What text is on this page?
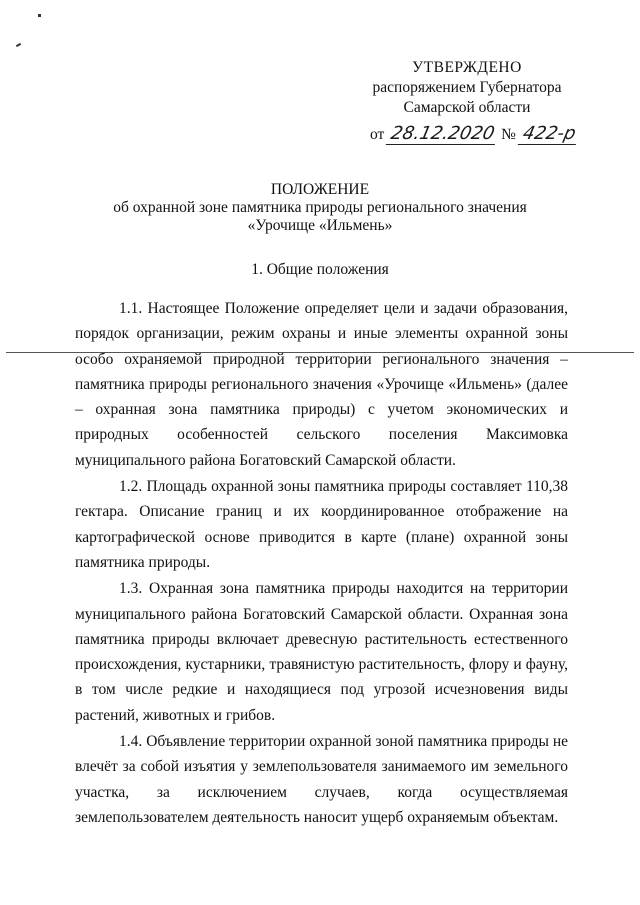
УТВЕРЖДЕНО
распоряжением Губернатора
Самарской области
от 28.12.2020 № 422-р
ПОЛОЖЕНИЕ
об охранной зоне памятника природы регионального значения
«Урочище «Ильмень»
1. Общие положения

1.1. Настоящее Положение определяет цели и задачи образования, порядок организации, режим охраны и иные элементы охранной зоны особо охраняемой природной территории регионального значения – памятника природы регионального значения «Урочище «Ильмень» (далее – охранная зона памятника природы) с учетом экономических и природных особенностей сельского поселения Максимовка муниципального района Богатовский Самарской области.

1.2. Площадь охранной зоны памятника природы составляет 110,38 гектара. Описание границ и их координированное отображение на картографической основе приводится в карте (плане) охранной зоны памятника природы.

1.3. Охранная зона памятника природы находится на территории муниципального района Богатовский Самарской области. Охранная зона памятника природы включает древесную растительность естественного происхождения, кустарники, травянистую растительность, флору и фауну, в том числе редкие и находящиеся под угрозой исчезновения виды растений, животных и грибов.

1.4. Объявление территории охранной зоной памятника природы не влечёт за собой изъятия у землепользователя занимаемого им земельного участка, за исключением случаев, когда осуществляемая землепользователем деятельность наносит ущерб охраняемым объектам.
